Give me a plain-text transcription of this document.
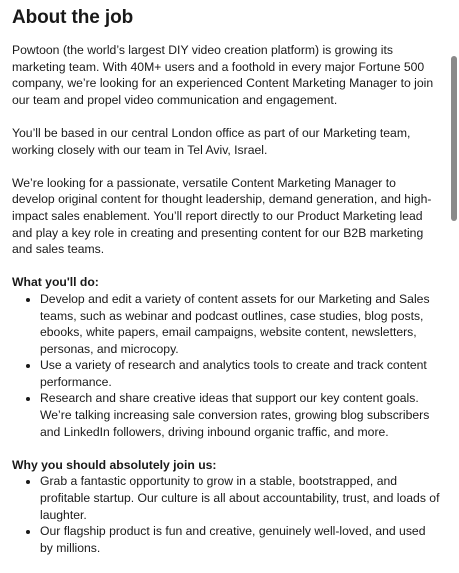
About the job

Powtoon (the world’s largest DIY video creation platform) is growing its marketing team. With 40M+ users and a foothold in every major Fortune 500 company, we’re looking for an experienced Content Marketing Manager to join our team and propel video communication and engagement.

You’ll be based in our central London office as part of our Marketing team, working closely with our team in Tel Aviv, Israel.

We’re looking for a passionate, versatile Content Marketing Manager to develop original content for thought leadership, demand generation, and high-impact sales enablement. You’ll report directly to our Product Marketing lead and play a key role in creating and presenting content for our B2B marketing and sales teams.

What you'll do:

Develop and edit a variety of content assets for our Marketing and Sales teams, such as webinar and podcast outlines, case studies, blog posts, ebooks, white papers, email campaigns, website content, newsletters, personas, and microcopy.
Use a variety of research and analytics tools to create and track content performance.
Research and share creative ideas that support our key content goals. We’re talking increasing sale conversion rates, growing blog subscribers and LinkedIn followers, driving inbound organic traffic, and more.

Why you should absolutely join us:

Grab a fantastic opportunity to grow in a stable, bootstrapped, and profitable startup. Our culture is all about accountability, trust, and loads of laughter.
Our flagship product is fun and creative, genuinely well-loved, and used by millions.
